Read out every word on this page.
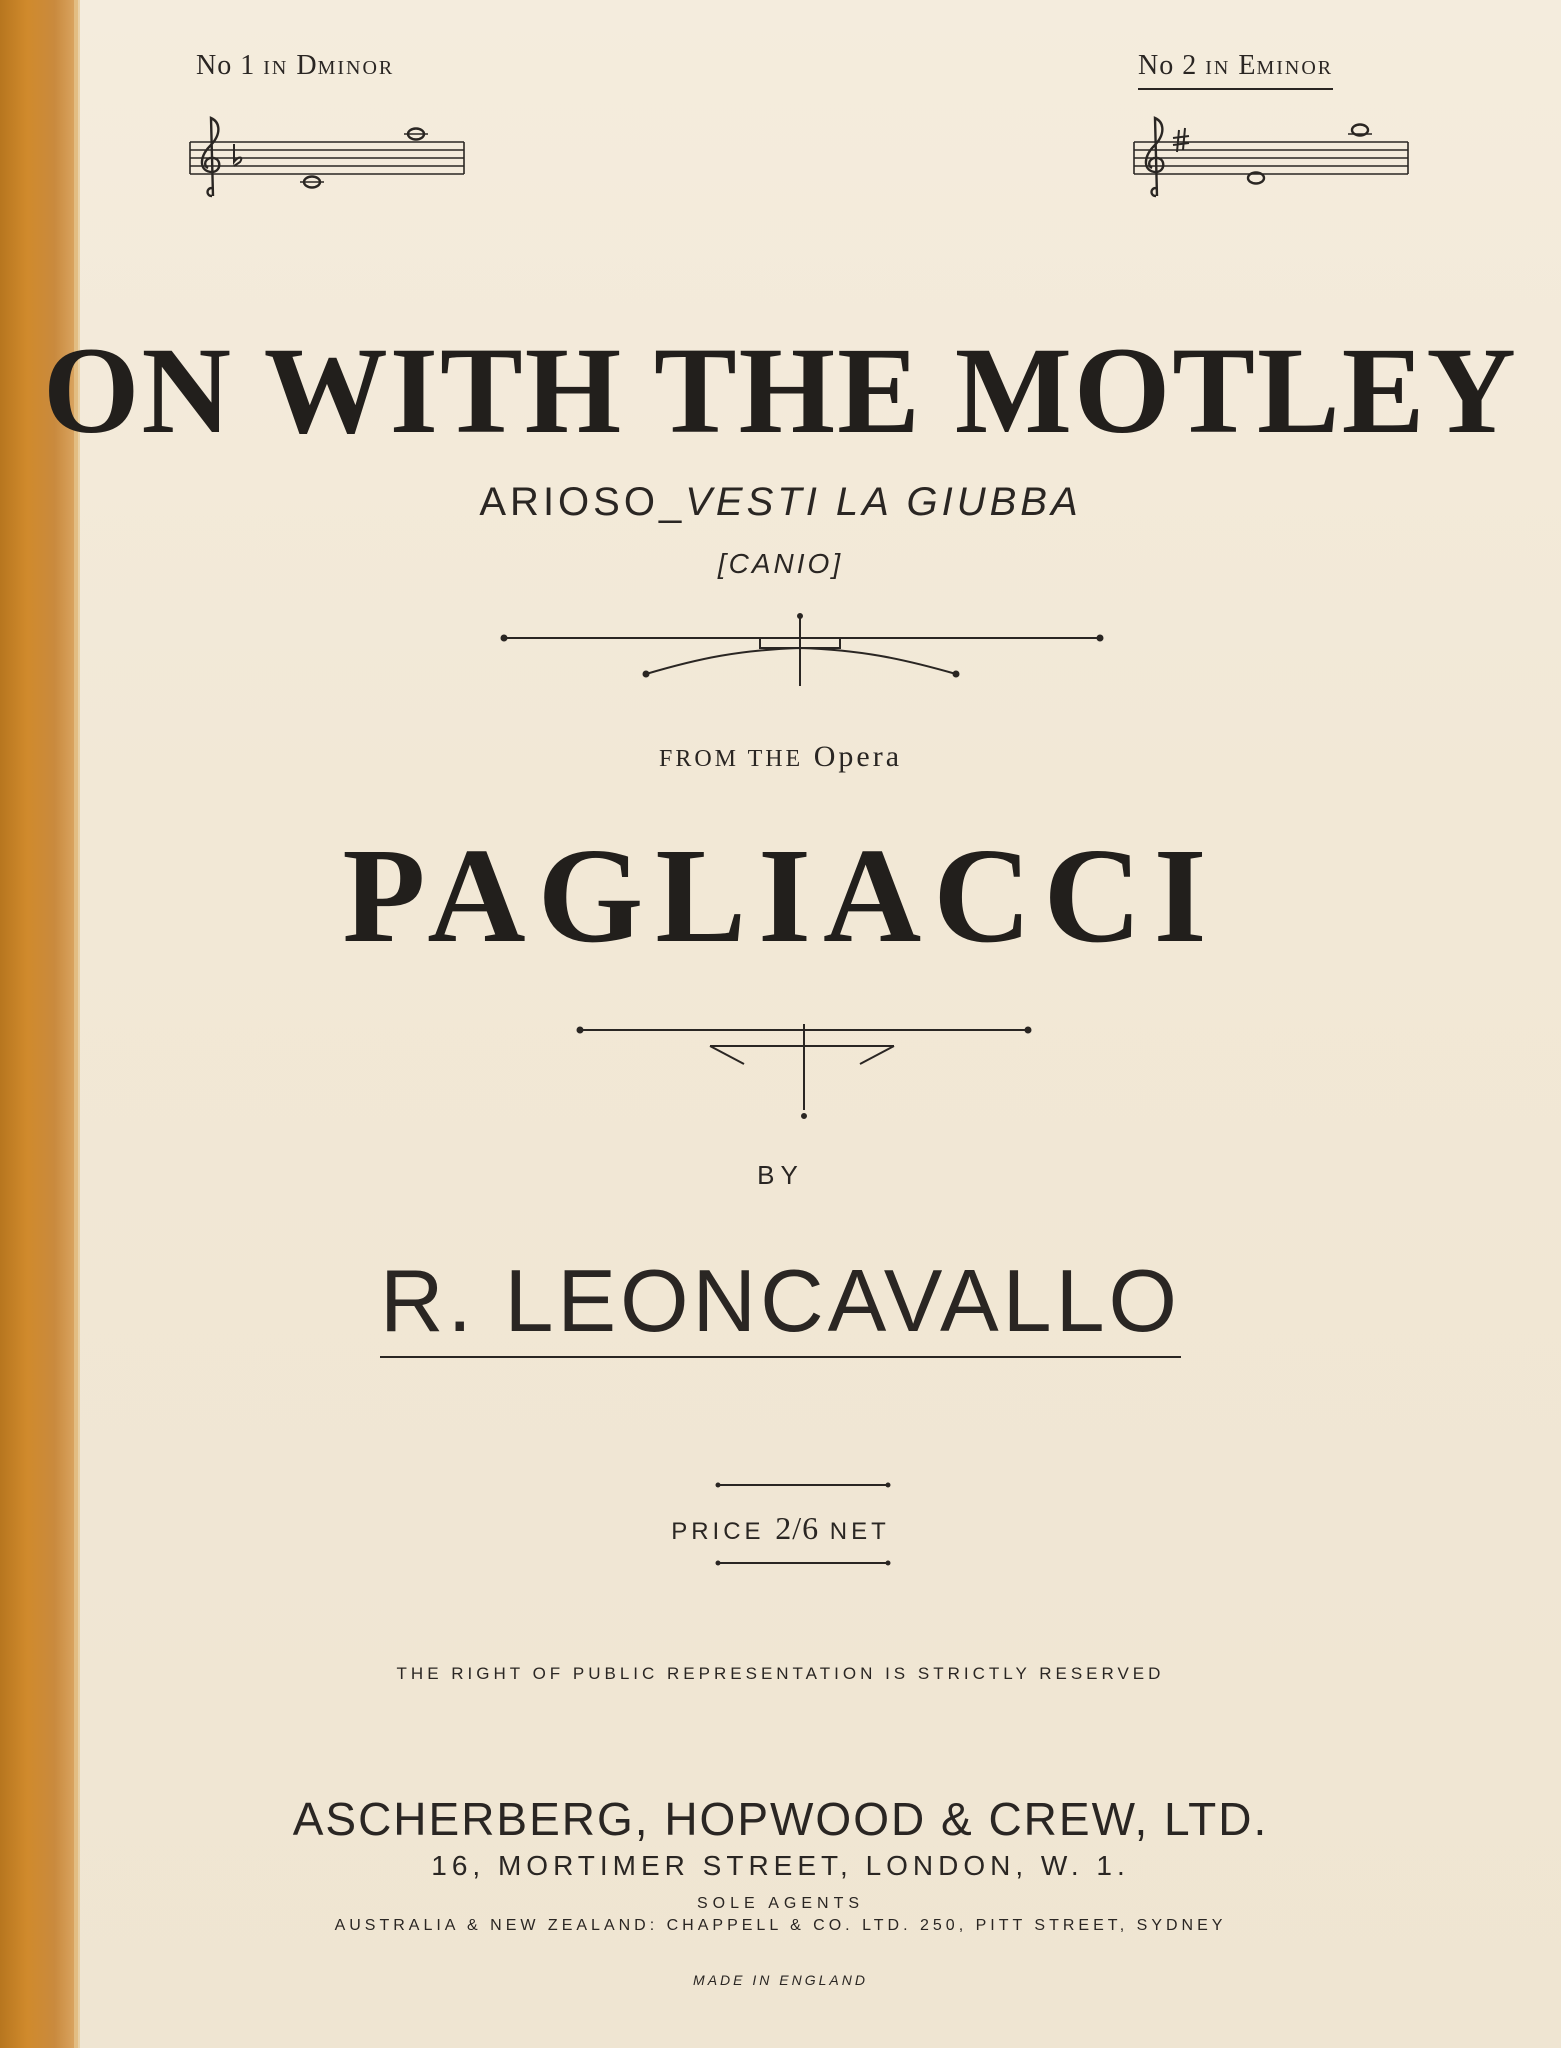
No 1 IN DMINOR	No 2 IN EMINOR
ON WITH THE MOTLEY
ARIOSO_VESTI LA GIUBBA
[CANIO]
FROM THE Opera
PAGLIACCI
BY
R. LEONCAVALLO
PRICE 2/6 NET
THE RIGHT OF PUBLIC REPRESENTATION IS STRICTLY RESERVED
ASCHERBERG, HOPWOOD & CREW, LTD.
16, MORTIMER STREET, LONDON, W. 1.
SOLE AGENTS
AUSTRALIA & NEW ZEALAND: CHAPPELL & CO. LTD. 250, PITT STREET, SYDNEY
MADE IN ENGLAND
